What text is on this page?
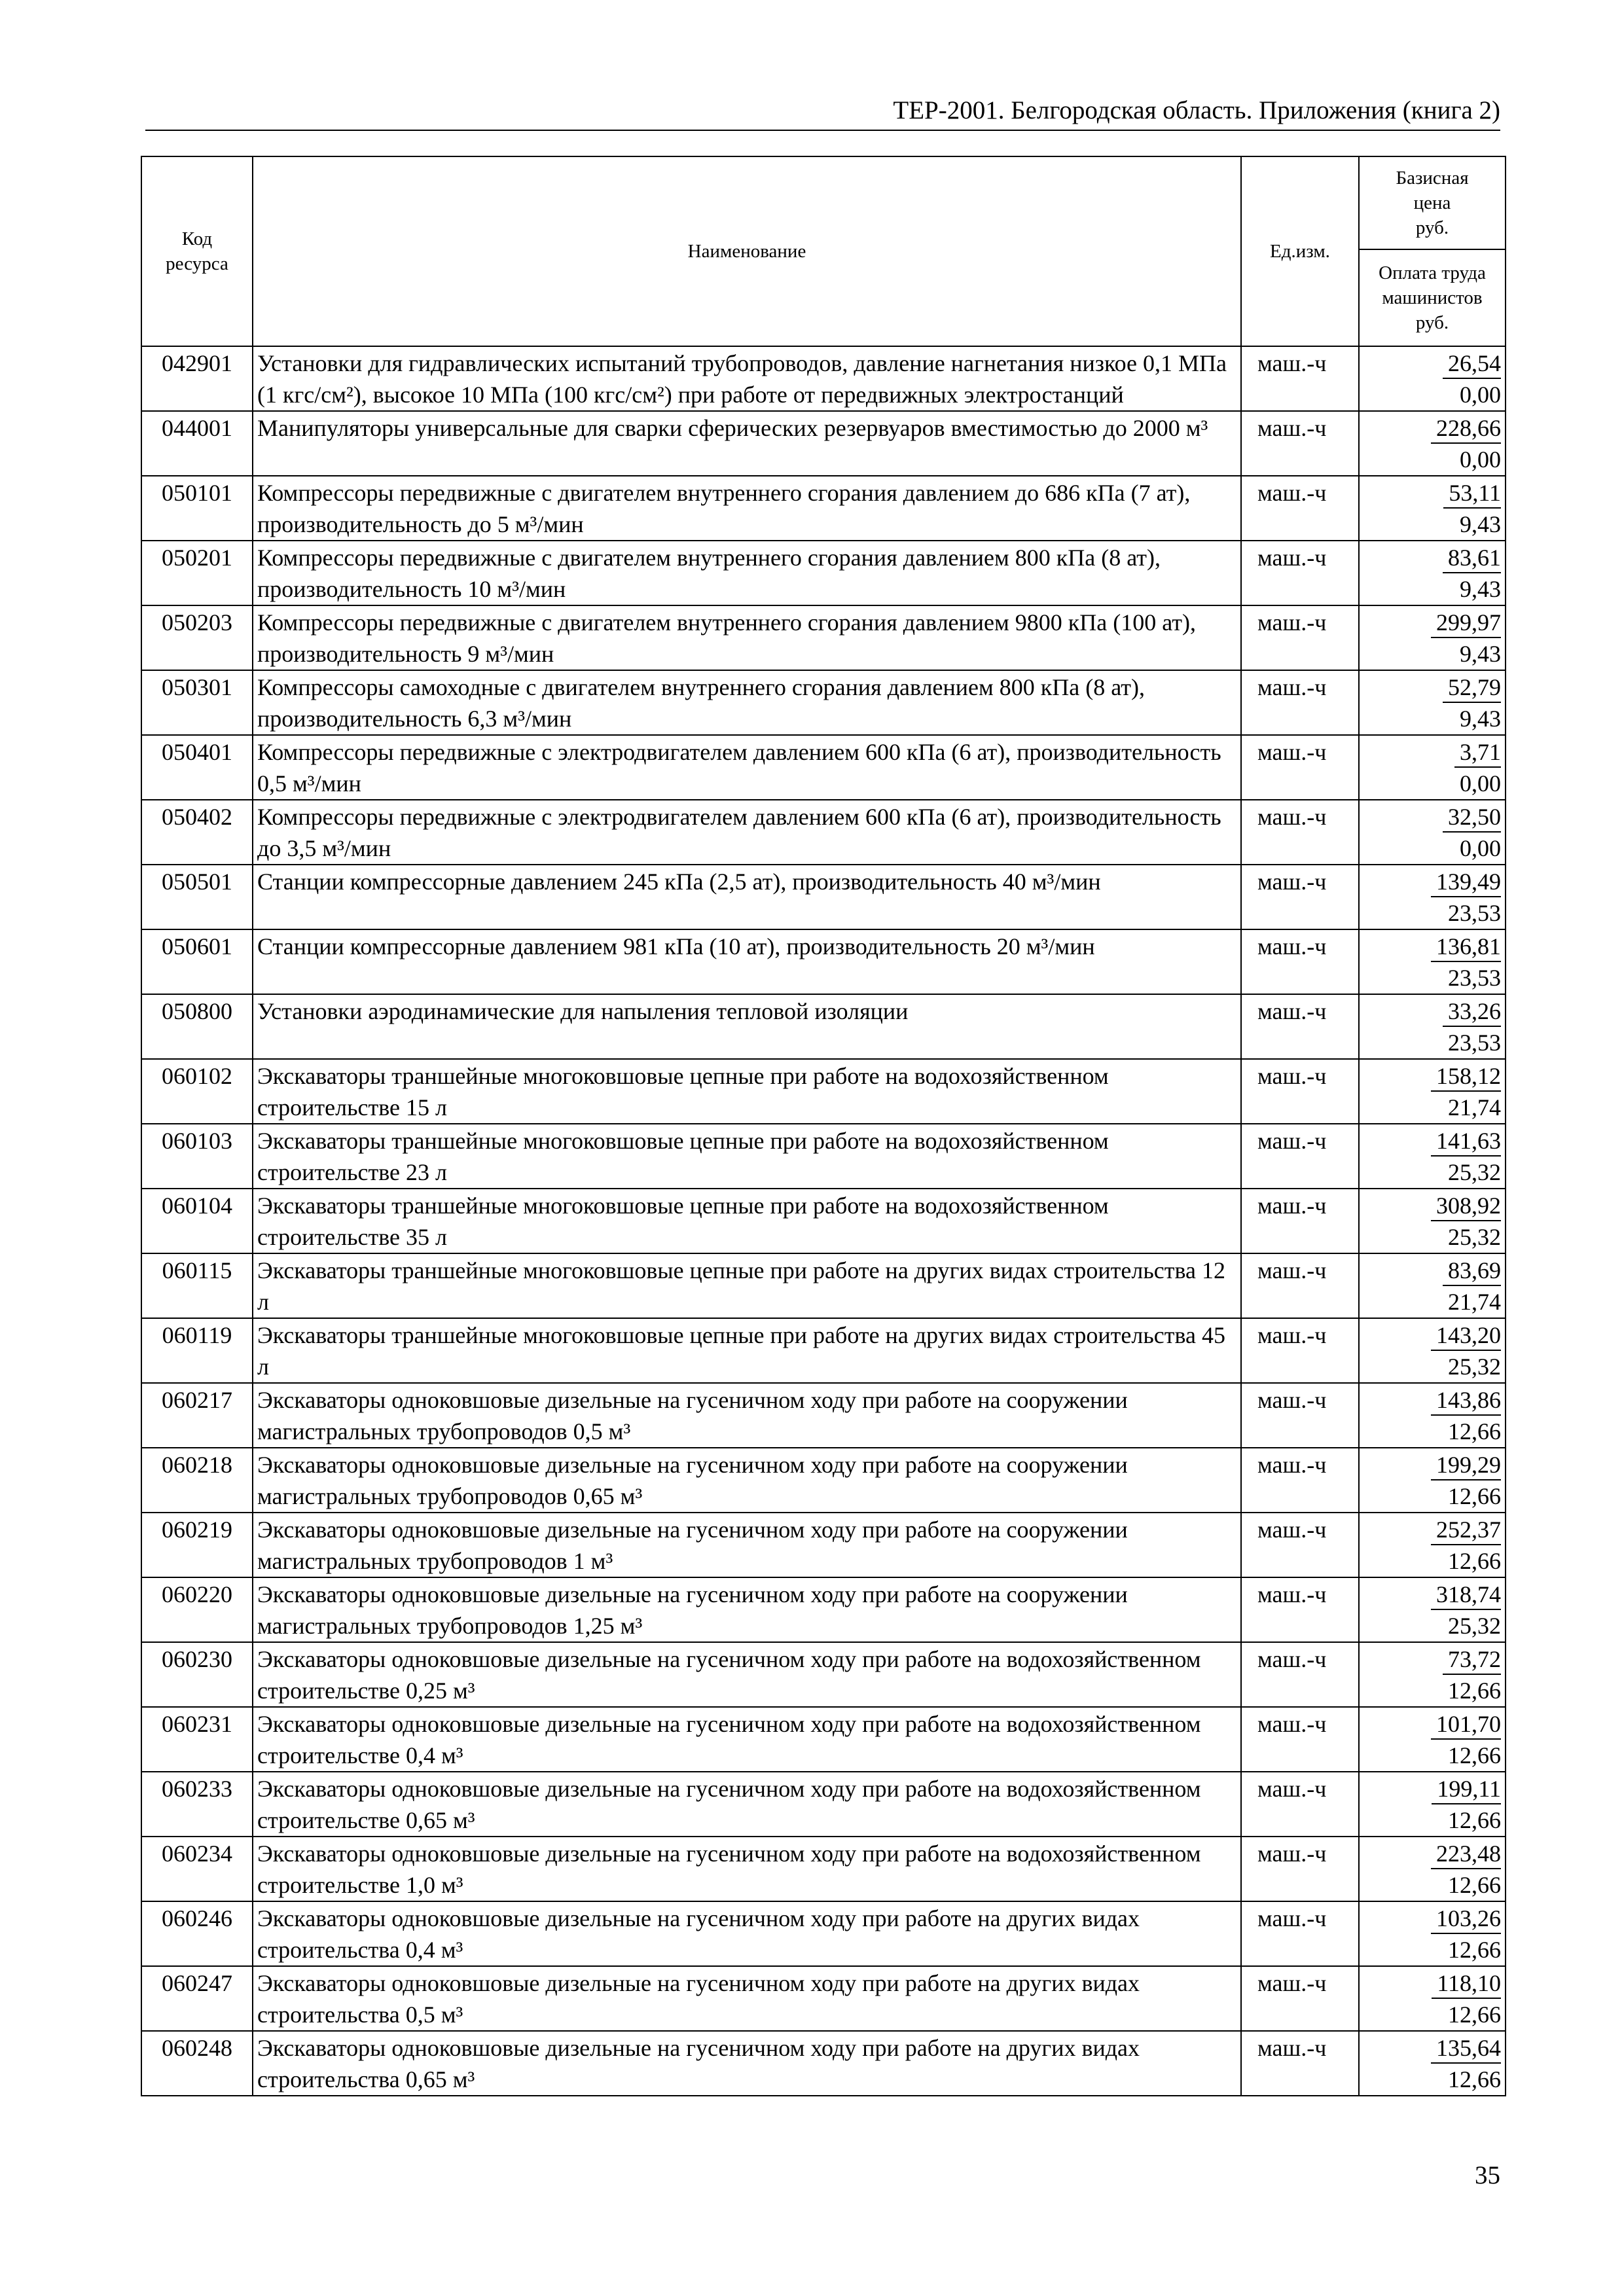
ТЕР-2001. Белгородская область. Приложения (книга 2)
Код
ресурса	Наименование	Ед.изм.	Базисная
цена
руб.
			Оплата труда
машинистов
руб.
042901	Установки для гидравлических испытаний трубопроводов, давление нагнетания низкое 0,1 МПа (1 кгс/см²), высокое 10 МПа (100 кгс/см²) при работе от передвижных электростанций	маш.-ч	26,54
0,00

044001	Манипуляторы универсальные для сварки сферических резервуаров вместимостью до 2000 м³	маш.-ч	228,66
0,00

050101	Компрессоры передвижные с двигателем внутреннего сгорания давлением до 686 кПа (7 ат), производительность до 5 м³/мин	маш.-ч	53,11
9,43

050201	Компрессоры передвижные с двигателем внутреннего сгорания давлением 800 кПа (8 ат), производительность 10 м³/мин	маш.-ч	83,61
9,43

050203	Компрессоры передвижные с двигателем внутреннего сгорания давлением 9800 кПа (100 ат), производительность 9 м³/мин	маш.-ч	299,97
9,43

050301	Компрессоры самоходные с двигателем внутреннего сгорания давлением 800 кПа (8 ат), производительность 6,3 м³/мин	маш.-ч	52,79
9,43

050401	Компрессоры передвижные с электродвигателем давлением 600 кПа (6 ат), производительность 0,5 м³/мин	маш.-ч	3,71
0,00

050402	Компрессоры передвижные с электродвигателем давлением 600 кПа (6 ат), производительность до 3,5 м³/мин	маш.-ч	32,50
0,00

050501	Станции компрессорные давлением 245 кПа (2,5 ат), производительность 40 м³/мин	маш.-ч	139,49
23,53

050601	Станции компрессорные давлением 981 кПа (10 ат), производительность 20 м³/мин	маш.-ч	136,81
23,53

050800	Установки аэродинамические для напыления тепловой изоляции	маш.-ч	33,26
23,53

060102	Экскаваторы траншейные многоковшовые цепные при работе на водохозяйственном строительстве 15 л	маш.-ч	158,12
21,74

060103	Экскаваторы траншейные многоковшовые цепные при работе на водохозяйственном строительстве 23 л	маш.-ч	141,63
25,32

060104	Экскаваторы траншейные многоковшовые цепные при работе на водохозяйственном строительстве 35 л	маш.-ч	308,92
25,32

060115	Экскаваторы траншейные многоковшовые цепные при работе на других видах строительства 12 л	маш.-ч	83,69
21,74

060119	Экскаваторы траншейные многоковшовые цепные при работе на других видах строительства 45 л	маш.-ч	143,20
25,32

060217	Экскаваторы одноковшовые дизельные на гусеничном ходу при работе на сооружении магистральных трубопроводов 0,5 м³	маш.-ч	143,86
12,66

060218	Экскаваторы одноковшовые дизельные на гусеничном ходу при работе на сооружении магистральных трубопроводов 0,65 м³	маш.-ч	199,29
12,66

060219	Экскаваторы одноковшовые дизельные на гусеничном ходу при работе на сооружении магистральных трубопроводов 1 м³	маш.-ч	252,37
12,66

060220	Экскаваторы одноковшовые дизельные на гусеничном ходу при работе на сооружении магистральных трубопроводов 1,25 м³	маш.-ч	318,74
25,32

060230	Экскаваторы одноковшовые дизельные на гусеничном ходу при работе на водохозяйственном строительстве 0,25 м³	маш.-ч	73,72
12,66

060231	Экскаваторы одноковшовые дизельные на гусеничном ходу при работе на водохозяйственном строительстве 0,4 м³	маш.-ч	101,70
12,66

060233	Экскаваторы одноковшовые дизельные на гусеничном ходу при работе на водохозяйственном строительстве 0,65 м³	маш.-ч	199,11
12,66

060234	Экскаваторы одноковшовые дизельные на гусеничном ходу при работе на водохозяйственном строительстве 1,0 м³	маш.-ч	223,48
12,66

060246	Экскаваторы одноковшовые дизельные на гусеничном ходу при работе на других видах строительства 0,4 м³	маш.-ч	103,26
12,66

060247	Экскаваторы одноковшовые дизельные на гусеничном ходу при работе на других видах строительства 0,5 м³	маш.-ч	118,10
12,66

060248	Экскаваторы одноковшовые дизельные на гусеничном ходу при работе на других видах строительства 0,65 м³	маш.-ч	135,64
12,66
35
